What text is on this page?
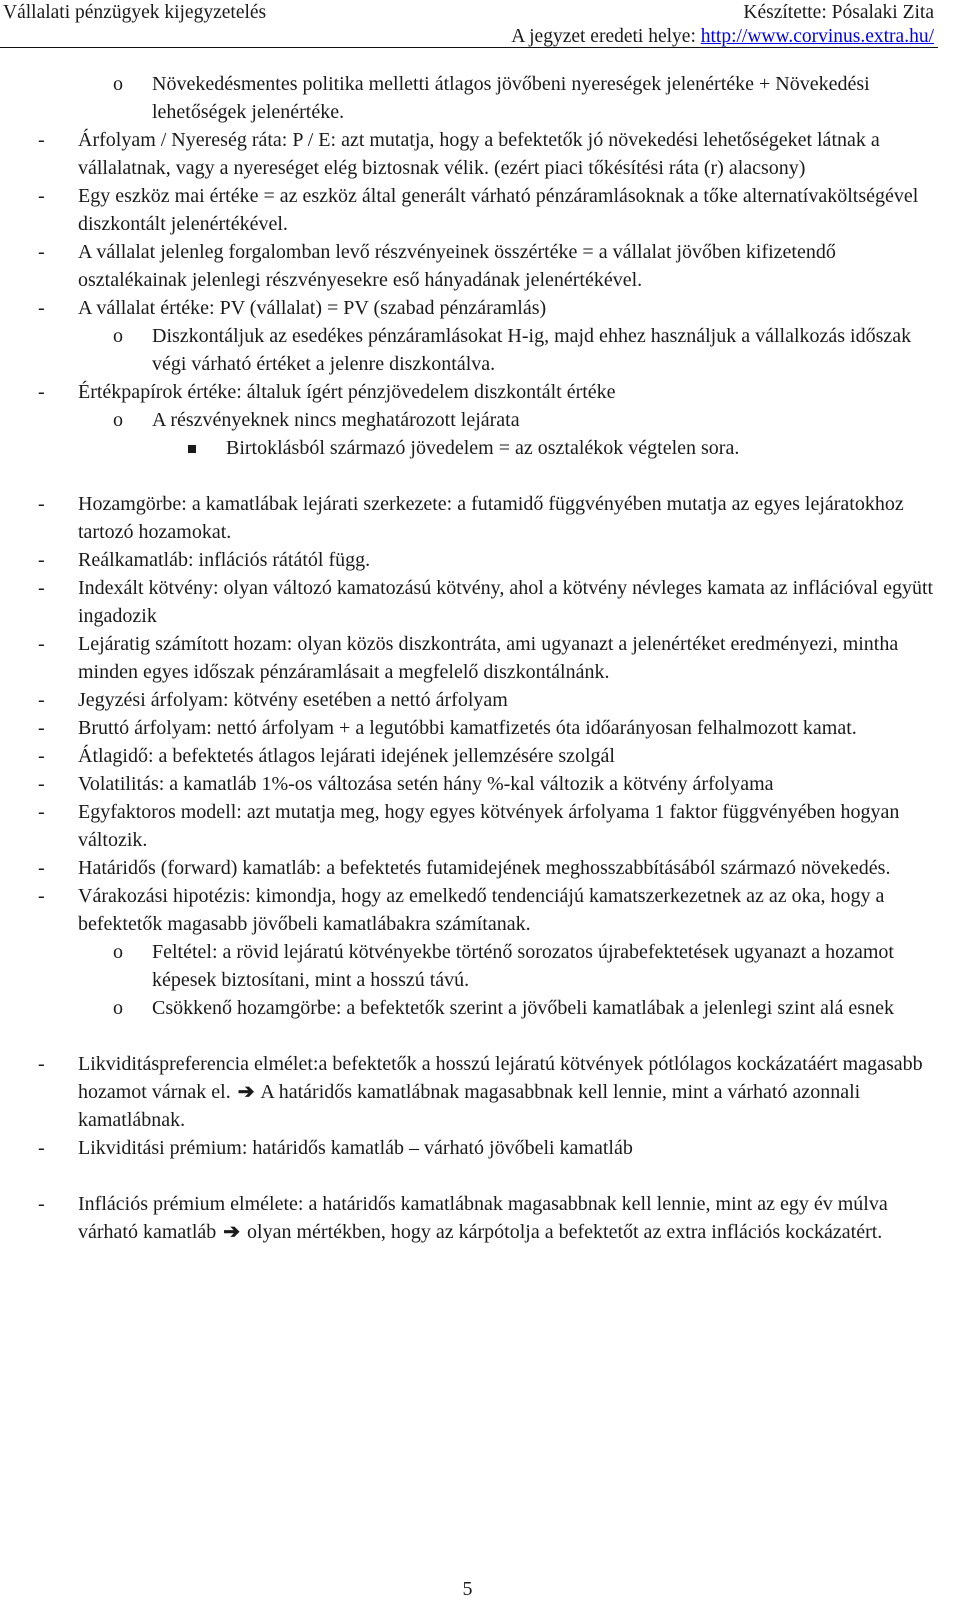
Vállalati pénzügyek kijegyzetelés	Készítette: Pósalaki Zita
A jegyzet eredeti helye: http://www.corvinus.extra.hu/
o Növekedésmentes politika melletti átlagos jövőbeni nyereségek jelenértéke + Növekedési lehetőségek jelenértéke.
- Árfolyam / Nyereség ráta: P / E: azt mutatja, hogy a befektetők jó növekedési lehetőségeket látnak a vállalatnak, vagy a nyereséget elég biztosnak vélik. (ezért piaci tőkésítési ráta (r) alacsony)
- Egy eszköz mai értéke = az eszköz által generált várható pénzáramlásoknak a tőke alternatívaköltségével diszkontált jelenértékével.
- A vállalat jelenleg forgalomban levő részvényeinek összértéke = a vállalat jövőben kifizetendő osztalékainak jelenlegi részvényesekre eső hányadának jelenértékével.
- A vállalat értéke: PV (vállalat) = PV (szabad pénzáramlás)
o Diszkontáljuk az esedékes pénzáramlásokat H-ig, majd ehhez használjuk a vállalkozás időszak végi várható értéket a jelenre diszkontálva.
- Értékpapírok értéke: általuk ígért pénzjövedelem diszkontált értéke
o A részvényeknek nincs meghatározott lejárata
Birtoklásból származó jövedelem = az osztalékok végtelen sora.
- Hozamgörbe: a kamatlábak lejárati szerkezete: a futamidő függvényében mutatja az egyes lejáratokhoz tartozó hozamokat.
- Reálkamatláb: inflációs rátától függ.
- Indexált kötvény: olyan változó kamatozású kötvény, ahol a kötvény névleges kamata az inflációval együtt ingadozik
- Lejáratig számított hozam: olyan közös diszkontráta, ami ugyanazt a jelenértéket eredményezi, mintha minden egyes időszak pénzáramlásait a megfelelő diszkontálnánk.
- Jegyzési árfolyam: kötvény esetében a nettó árfolyam
- Bruttó árfolyam: nettó árfolyam + a legutóbbi kamatfizetés óta időarányosan felhalmozott kamat.
- Átlagidő: a befektetés átlagos lejárati idejének jellemzésére szolgál
- Volatilitás: a kamatláb 1%-os változása setén hány %-kal változik a kötvény árfolyama
- Egyfaktoros modell: azt mutatja meg, hogy egyes kötvények árfolyama 1 faktor függvényében hogyan változik.
- Határidős (forward) kamatláb: a befektetés futamidejének meghosszabbításából származó növekedés.
- Várakozási hipotézis: kimondja, hogy az emelkedő tendenciájú kamatszerkezetnek az az oka, hogy a befektetők magasabb jövőbeli kamatlábakra számítanak.
o Feltétel: a rövid lejáratú kötvényekbe történő sorozatos újrabefektetések ugyanazt a hozamot képesek biztosítani, mint a hosszú távú.
o Csökkenő hozamgörbe: a befektetők szerint a jövőbeli kamatlábak a jelenlegi szint alá esnek
- Likviditáspreferencia elmélet:a befektetők a hosszú lejáratú kötvények pótlólagos kockázatáért magasabb hozamot várnak el. ➔ A határidős kamatlábnak magasabbnak kell lennie, mint a várható azonnali kamatlábnak.
- Likviditási prémium: határidős kamatláb – várható jövőbeli kamatláb
- Inflációs prémium elmélete: a határidős kamatlábnak magasabbnak kell lennie, mint az egy év múlva várható kamatláb ➔ olyan mértékben, hogy az kárpótolja a befektetőt az extra inflációs kockázatért.
5
